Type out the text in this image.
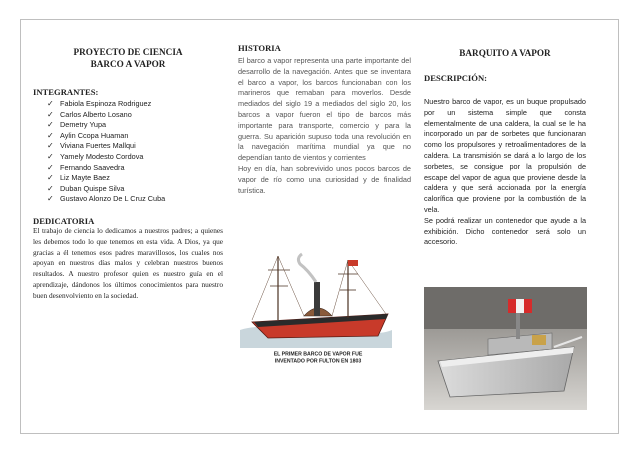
PROYECTO DE CIENCIA

BARCO A VAPOR

INTEGRANTES:

✓ Fabiola Espinoza Rodriguez
✓ Carlos Alberto Losano
✓ Demetry Yupa
✓ Aylin Ccopa Huaman
✓ Viviana Fuertes Mallqui
✓ Yamely Modesto Cordova
✓ Fernando Saavedra
✓ Liz Mayte Baez
✓ Duban Quispe Silva
✓ Gustavo Alonzo De L Cruz Cuba

DEDICATORIA

El trabajo de ciencia lo dedicamos a nuestros padres; a quienes les debemos todo lo que tenemos en esta vida. A Dios, ya que gracias a él tenemos esos padres maravillosos, los cuales nos apoyan en nuestros días malos y celebran nuestros buenos resultados. A nuestro profesor quien es nuestro guía en el aprendizaje, dándonos los últimos conocimientos para nuestro buen desenvolviento en la sociedad.

HISTORIA

El barco a vapor representa una parte importante del desarrollo de la navegación. Antes que se inventara el barco a vapor, los barcos funcionaban con los marineros que remaban para moverlos. Desde mediados del siglo 19 a mediados del siglo 20, los barcos a vapor fueron el tipo de barcos más importante para transporte, comercio y para la guerra. Su aparición supuso toda una revolución en la navegación marítima mundial ya que no dependían tanto de vientos y corrientes

Hoy en día, han sobrevivido unos pocos barcos de vapor de río como una curiosidad y de finalidad turística.

EL PRIMER BARCO DE VAPOR FUE
INVENTADO POR FULTON EN 1803

BARQUITO A VAPOR

DESCRIPCIÓN:

Nuestro barco de vapor, es un buque propulsado por un sistema simple que consta elementalmente de una caldera, la cual se le ha incorporado un par de sorbetes que funcionaran como los propulsores y retroalimentadores de la caldera. La transmisión se dará a lo largo de los sorbetes, se consigue por la propulsión de escape del vapor de agua que proviene desde la caldera y que será accionada por la energía calorífica que proviene por la combustión de la vela.

Se podrá realizar un contenedor que ayude a la exhibición. Dicho contenedor será solo un accesorio.
